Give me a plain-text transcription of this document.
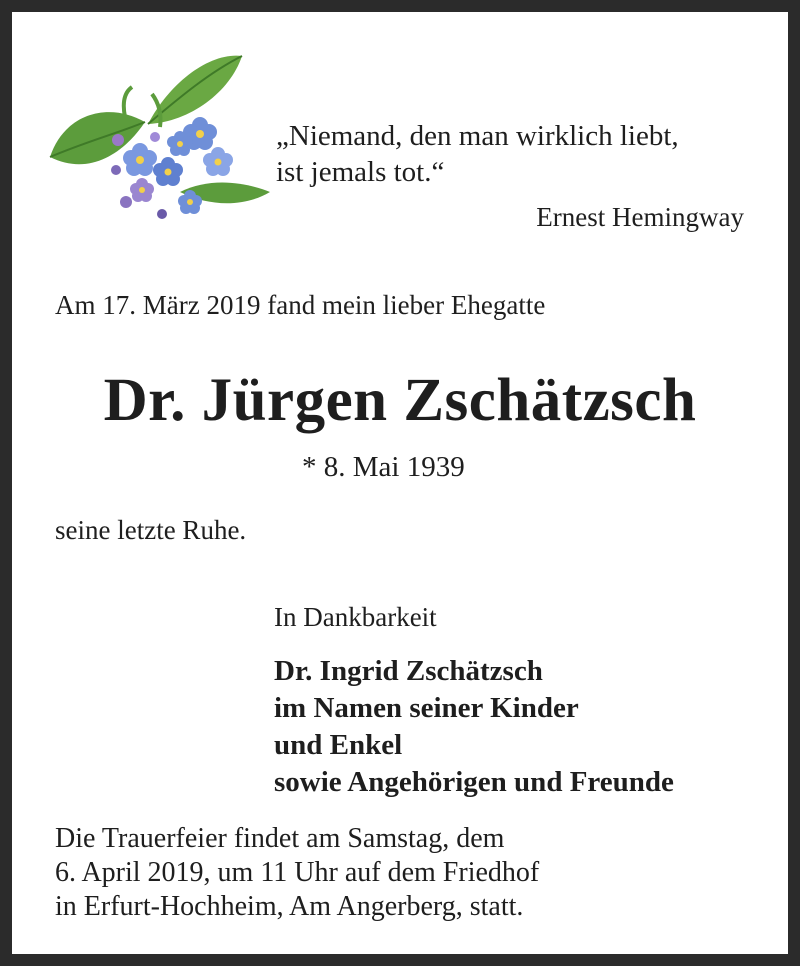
„Niemand, den man wirklich liebt,
ist jemals tot.“
Ernest Hemingway
Am 17. März 2019 fand mein lieber Ehegatte
Dr. Jürgen Zschätzsch
* 8. Mai 1939
seine letzte Ruhe.
In Dankbarkeit
Dr. Ingrid Zschätzsch
im Namen seiner Kinder
und Enkel
sowie Angehörigen und Freunde
Die Trauerfeier findet am Samstag, dem
6. April 2019, um 11 Uhr auf dem Friedhof
in Erfurt-Hochheim, Am Angerberg, statt.
